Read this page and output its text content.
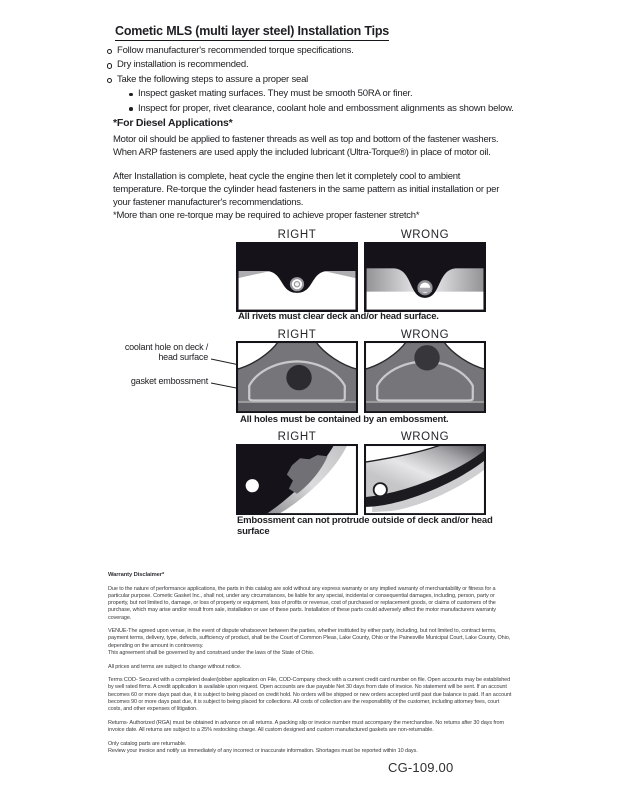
Cometic MLS (multi layer steel) Installation Tips
Follow manufacturer's recommended torque specifications.
Dry installation is recommended.
Take the following steps to assure a proper seal
Inspect gasket mating surfaces. They must be smooth 50RA or finer.
Inspect for proper, rivet clearance, coolant hole and embossment alignments as shown below.
*For Diesel Applications*
Motor oil should be applied to fastener threads as well as top and bottom of the fastener washers. When ARP fasteners are used apply the included lubricant (Ultra-Torque®) in place of motor oil.
After Installation is complete, heat cycle the engine then let it completely cool to ambient temperature. Re-torque the cylinder head fasteners in the same pattern as initial installation or per your fastener manufacturer's recommendations.
*More than one re-torque may be required to achieve proper fastener stretch*
RIGHT	WRONG
All rivets must clear deck and/or head surface.
RIGHT	WRONG
coolant hole on deck / head surface
gasket embossment
All holes must be contained by an embossment.
RIGHT	WRONG
Embossment can not protrude outside of deck and/or head surface
Warranty Disclaimer*

Due to the nature of performance applications, the parts in this catalog are sold without any express warranty or any implied warranty of merchantability or fitness for a particular purpose. Cometic Gasket Inc., shall not, under any circumstances, be liable for any special, incidental or consequential damages, including, person, party or property, but not limited to, damage, or loss of property or equipment, loss of profits or revenue, cost of purchased or replacement goods, or claims of customers of the purchase, which may arise and/or result from sale, installation or use of these parts. Installation of these parts could adversely affect the motor manufacturers warranty coverage.

VENUE-The agreed upon venue, in the event of dispute whatsoever between the parties, whether instituted by either party, including, but not limited to, contract terms, payment terms, delivery, type, defects, sufficiency of product, shall be the Court of Common Pleas, Lake County, Ohio or the Painesville Municipal Court, Lake County, Ohio, depending on the amount in controversy.

This agreement shall be governed by and construed under the laws of the State of Ohio.

All prices and terms are subject to change without notice.

Terms COD- Secured with a completed dealer/jobber application on File, COD-Company check with a current credit card number on file. Open accounts may be established by well rated firms. A credit application is available upon request. Open accounts are due payable Net 30 days from date of invoice. No statement will be sent. If an account becomes 60 or more days past due, it is subject to being placed on credit hold. No orders will be shipped or new orders accepted until past due balance is paid. If an account becomes 90 or more days past due, it is subject to being placed for collections. All costs of collection are the responsibility of the customer, including attorney fees, court costs, and other expenses of litigation.

Returns- Authorized (RGA) must be obtained in advance on all returns. A packing slip or invoice number must accompany the merchandise. No returns after 30 days from invoice date. All returns are subject to a 25% restocking charge. All custom designed and custom manufactured gaskets are non-returnable.

Only catalog parts are returnable.

Review your invoice and notify us immediately of any incorrect or inaccurate information. Shortages must be reported within 10 days.

CG-109.00
